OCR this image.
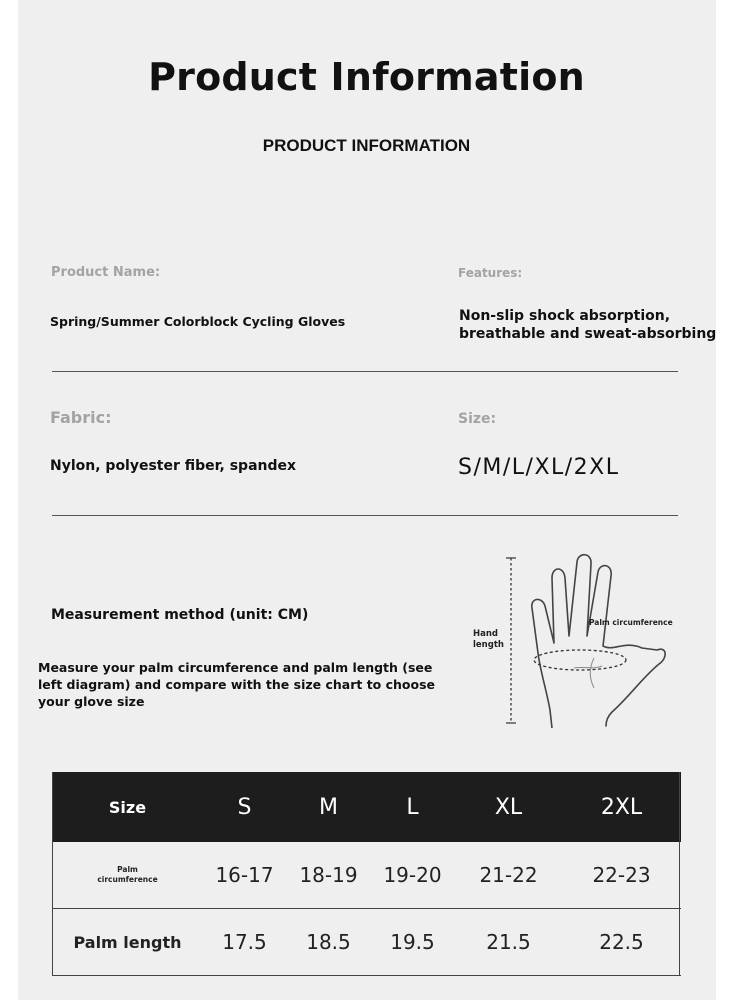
Product Information
PRODUCT INFORMATION
Product Name:
Spring/Summer Colorblock Cycling Gloves
Features:
Non-slip shock absorption,
breathable and sweat-absorbing
Fabric:
Nylon, polyester fiber, spandex
Size:
S/M/L/XL/2XL
Measurement method (unit: CM)
Measure your palm circumference and palm length (see left diagram) and compare with the size chart to choose your glove size
Hand
length
Palm circumference
Size	S	M	L	XL	2XL

Palm
circumference	16-17	18-19	19-20	21-22	22-23
Palm length	17.5	18.5	19.5	21.5	22.5
